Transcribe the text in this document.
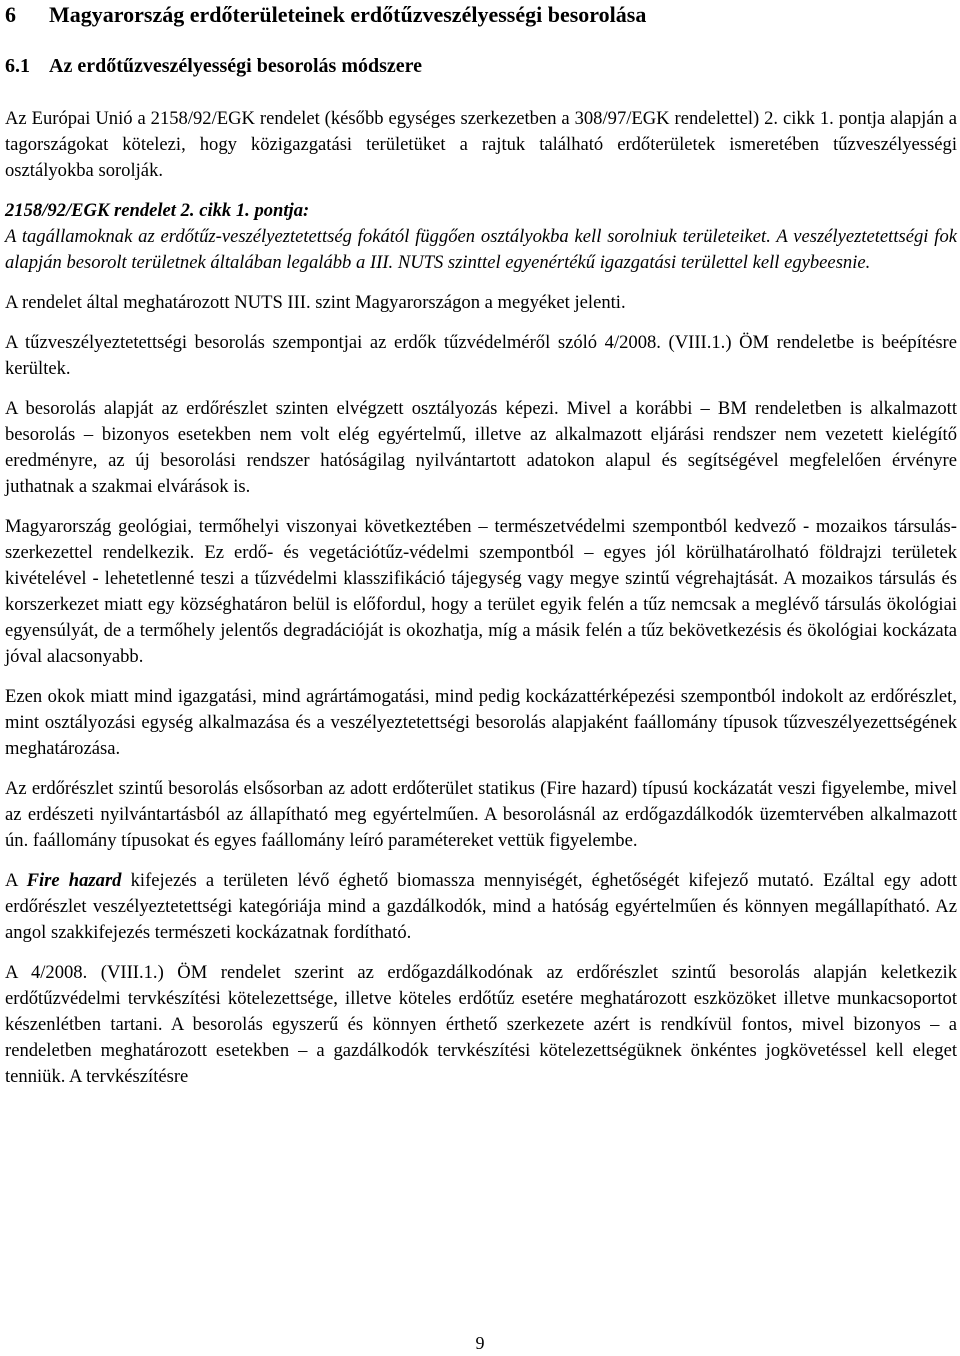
6 Magyarország erdőterületeinek erdőtűzveszélyességi besorolása
6.1 Az erdőtűzveszélyességi besorolás módszere

Az Európai Unió a 2158/92/EGK rendelet (később egységes szerkezetben a 308/97/EGK rendelettel) 2. cikk 1. pontja alapján a tagországokat kötelezi, hogy közigazgatási területüket a rajtuk található erdőterületek ismeretében tűzveszélyességi osztályokba sorolják.

2158/92/EGK rendelet 2. cikk 1. pontja:

A tagállamoknak az erdőtűz-veszélyeztetettség fokától függően osztályokba kell sorolniuk területeiket. A veszélyeztetettségi fok alapján besorolt területnek általában legalább a III. NUTS szinttel egyenértékű igazgatási területtel kell egybeesnie.

A rendelet által meghatározott NUTS III. szint Magyarországon a megyéket jelenti.

A tűzveszélyeztetettségi besorolás szempontjai az erdők tűzvédelméről szóló 4/2008. (VIII.1.) ÖM rendeletbe is beépítésre kerültek.

A besorolás alapját az erdőrészlet szinten elvégzett osztályozás képezi. Mivel a korábbi – BM rendeletben is alkalmazott besorolás – bizonyos esetekben nem volt elég egyértelmű, illetve az alkalmazott eljárási rendszer nem vezetett kielégítő eredményre, az új besorolási rendszer hatóságilag nyilvántartott adatokon alapul és segítségével megfelelően érvényre juthatnak a szakmai elvárások is.

Magyarország geológiai, termőhelyi viszonyai következtében – természetvédelmi szempontból kedvező - mozaikos társulás-szerkezettel rendelkezik. Ez erdő- és vegetációtűz-védelmi szempontból – egyes jól körülhatárolható földrajzi területek kivételével - lehetetlenné teszi a tűzvédelmi klasszifikáció tájegység vagy megye szintű végrehajtását. A mozaikos társulás és korszerkezet miatt egy községhatáron belül is előfordul, hogy a terület egyik felén a tűz nemcsak a meglévő társulás ökológiai egyensúlyát, de a termőhely jelentős degradációját is okozhatja, míg a másik felén a tűz bekövetkezésis és ökológiai kockázata jóval alacsonyabb.

Ezen okok miatt mind igazgatási, mind agrártámogatási, mind pedig kockázattérképezési szempontból indokolt az erdőrészlet, mint osztályozási egység alkalmazása és a veszélyeztetettségi besorolás alapjaként faállomány típusok tűzveszélyezettségének meghatározása.

Az erdőrészlet szintű besorolás elsősorban az adott erdőterület statikus (Fire hazard) típusú kockázatát veszi figyelembe, mivel az erdészeti nyilvántartásból az állapítható meg egyértelműen. A besorolásnál az erdőgazdálkodók üzemtervében alkalmazott ún. faállomány típusokat és egyes faállomány leíró paramétereket vettük figyelembe.

A Fire hazard kifejezés a területen lévő éghető biomassza mennyiségét, éghetőségét kifejező mutató. Ezáltal egy adott erdőrészlet veszélyeztetettségi kategóriája mind a gazdálkodók, mind a hatóság egyértelműen és könnyen megállapítható. Az angol szakkifejezés természeti kockázatnak fordítható.

A 4/2008. (VIII.1.) ÖM rendelet szerint az erdőgazdálkodónak az erdőrészlet szintű besorolás alapján keletkezik erdőtűzvédelmi tervkészítési kötelezettsége, illetve köteles erdőtűz esetére meghatározott eszközöket illetve munkacsoportot készenlétben tartani. A besorolás egyszerű és könnyen érthető szerkezete azért is rendkívül fontos, mivel bizonyos – a rendeletben meghatározott esetekben – a gazdálkodók tervkészítési kötelezettségüknek önkéntes jogkövetéssel kell eleget tenniük. A tervkészítésre

9
